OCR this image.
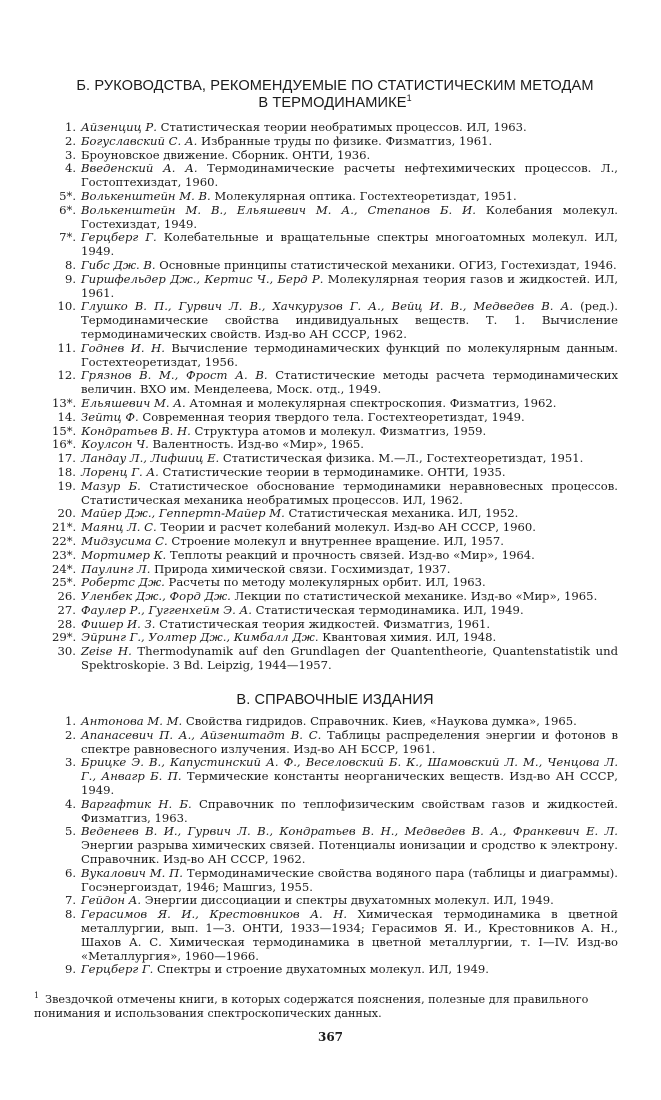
Б. РУКОВОДСТВА, РЕКОМЕНДУЕМЫЕ ПО СТАТИСТИЧЕСКИМ МЕТОДАМ
В ТЕРМОДИНАМИКЕ$^1$
1. Айзенциц Р. Статистическая теории необратимых процессов. ИЛ, 1963.
2. Богуславский С. А. Избранные труды по физике. Физматгиз, 1961.
3. Броуновское движение. Сборник. ОНТИ, 1936.
4. Введенский А. А. Термодинамические расчеты нефтехимических процессов. Л., Гостоптехиздат, 1960.
5*. Волькенштейн М. В. Молекулярная оптика. Гостехтеоретиздат, 1951.
6*. Волькенштейн М. В., Ельяшевич М. А., Степанов Б. И. Колебания молекул. Гостехиздат, 1949.
7*. Герцберг Г. Колебательные и вращательные спектры многоатомных молекул. ИЛ, 1949.
8. Гибс Дж. В. Основные принципы статистической механики. ОГИЗ, Гостехиздат, 1946.
9. Гиршфельдер Дж., Кертис Ч., Берд Р. Молекулярная теория газов и жидкостей. ИЛ, 1961.
10. Глушко В. П., Гурвич Л. В., Хачкурузов Г. А., Вейц И. В., Медведев В. А. (ред.). Термодинамические свойства индивидуальных веществ. Т. 1. Вычисление термодинамических свойств. Изд-во АН СССР, 1962.
11. Годнев И. Н. Вычисление термодинамических функций по молекулярным данным. Гостехтеоретиздат, 1956.
12. Грязнов В. М., Фрост А. В. Статистические методы расчета термодинамических величин. ВХО им. Менделеева, Моск. отд., 1949.
13*. Ельяшевич М. А. Атомная и молекулярная спектроскопия. Физматгиз, 1962.
14. Зейтц Ф. Современная теория твердого тела. Гостехтеоретиздат, 1949.
15*. Кондратьев В. Н. Структура атомов и молекул. Физматгиз, 1959.
16*. Коулсон Ч. Валентность. Изд-во «Мир», 1965.
17. Ландау Л., Лифшиц Е. Статистическая физика. М.—Л., Гостехтеоретиздат, 1951.
18. Лоренц Г. А. Статистические теории в термодинамике. ОНТИ, 1935.
19. Мазур Б. Статистическое обоснование термодинамики неравновесных процессов. Статистическая механика необратимых процессов. ИЛ, 1962.
20. Майер Дж., Геппертп-Майер М. Статистическая механика. ИЛ, 1952.
21*. Маянц Л. С. Теории и расчет колебаний молекул. Изд-во АН СССР, 1960.
22*. Мидзусима С. Строение молекул и внутреннее вращение. ИЛ, 1957.
23*. Мортимер К. Теплоты реакций и прочность связей. Изд-во «Мир», 1964.
24*. Паулинг Л. Природа химической связи. Госхимиздат, 1937.
25*. Робертс Дж. Расчеты по методу молекулярных орбит. ИЛ, 1963.
26. Уленбек Дж., Форд Дж. Лекции по статистической механике. Изд-во «Мир», 1965.
27. Фаулер Р., Гуггенхейм Э. А. Статистическая термодинамика. ИЛ, 1949.
28. Фишер И. З. Статистическая теория жидкостей. Физматгиз, 1961.
29*. Эйринг Г., Уолтер Дж., Кимбалл Дж. Квантовая химия. ИЛ, 1948.
30. Zeise H. Thermodynamik auf den Grundlagen der Quantentheorie, Quantenstatistik und Spektroskopie. 3 Bd. Leipzig, 1944—1957.
В. СПРАВОЧНЫЕ ИЗДАНИЯ
1. Антонова М. М. Свойства гидридов. Справочник. Киев, «Наукова думка», 1965.
2. Апанасевич П. А., Айзенштадт В. С. Таблицы распределения энергии и фотонов в спектре равновесного излучения. Изд-во АН БССР, 1961.
3. Брицке Э. В., Капустинский А. Ф., Веселовский Б. К., Шамовский Л. М., Ченцова Л. Г., Анвагр Б. П. Термические константы неорганических веществ. Изд-во АН СССР, 1949.
4. Варгафтик Н. Б. Справочник по теплофизическим свойствам газов и жидкостей. Физматгиз, 1963.
5. Веденеев В. И., Гурвич Л. В., Кондратьев В. Н., Медведев В. А., Франкевич Е. Л. Энергии разрыва химических связей. Потенциалы ионизации и сродство к электрону. Справочник. Изд-во АН СССР, 1962.
6. Вукалович М. П. Термодинамические свойства водяного пара (таблицы и диаграммы). Госэнергоиздат, 1946; Машгиз, 1955.
7. Гейдон А. Энергии диссоциации и спектры двухатомных молекул. ИЛ, 1949.
8. Герасимов Я. И., Крестовников А. Н. Химическая термодинамика в цветной металлургии, вып. 1—3. ОНТИ, 1933—1934; Герасимов Я. И., Крестовников А. Н., Шахов А. С. Химическая термодинамика в цветной металлургии, т. I—IV. Изд-во «Металлургия», 1960—1966.
9. Герцберг Г. Спектры и строение двухатомных молекул. ИЛ, 1949.
$^1$ Звездочкой отмечены книги, в которых содержатся пояснения, полезные для правильного понимания и использования спектроскопических данных.
367
